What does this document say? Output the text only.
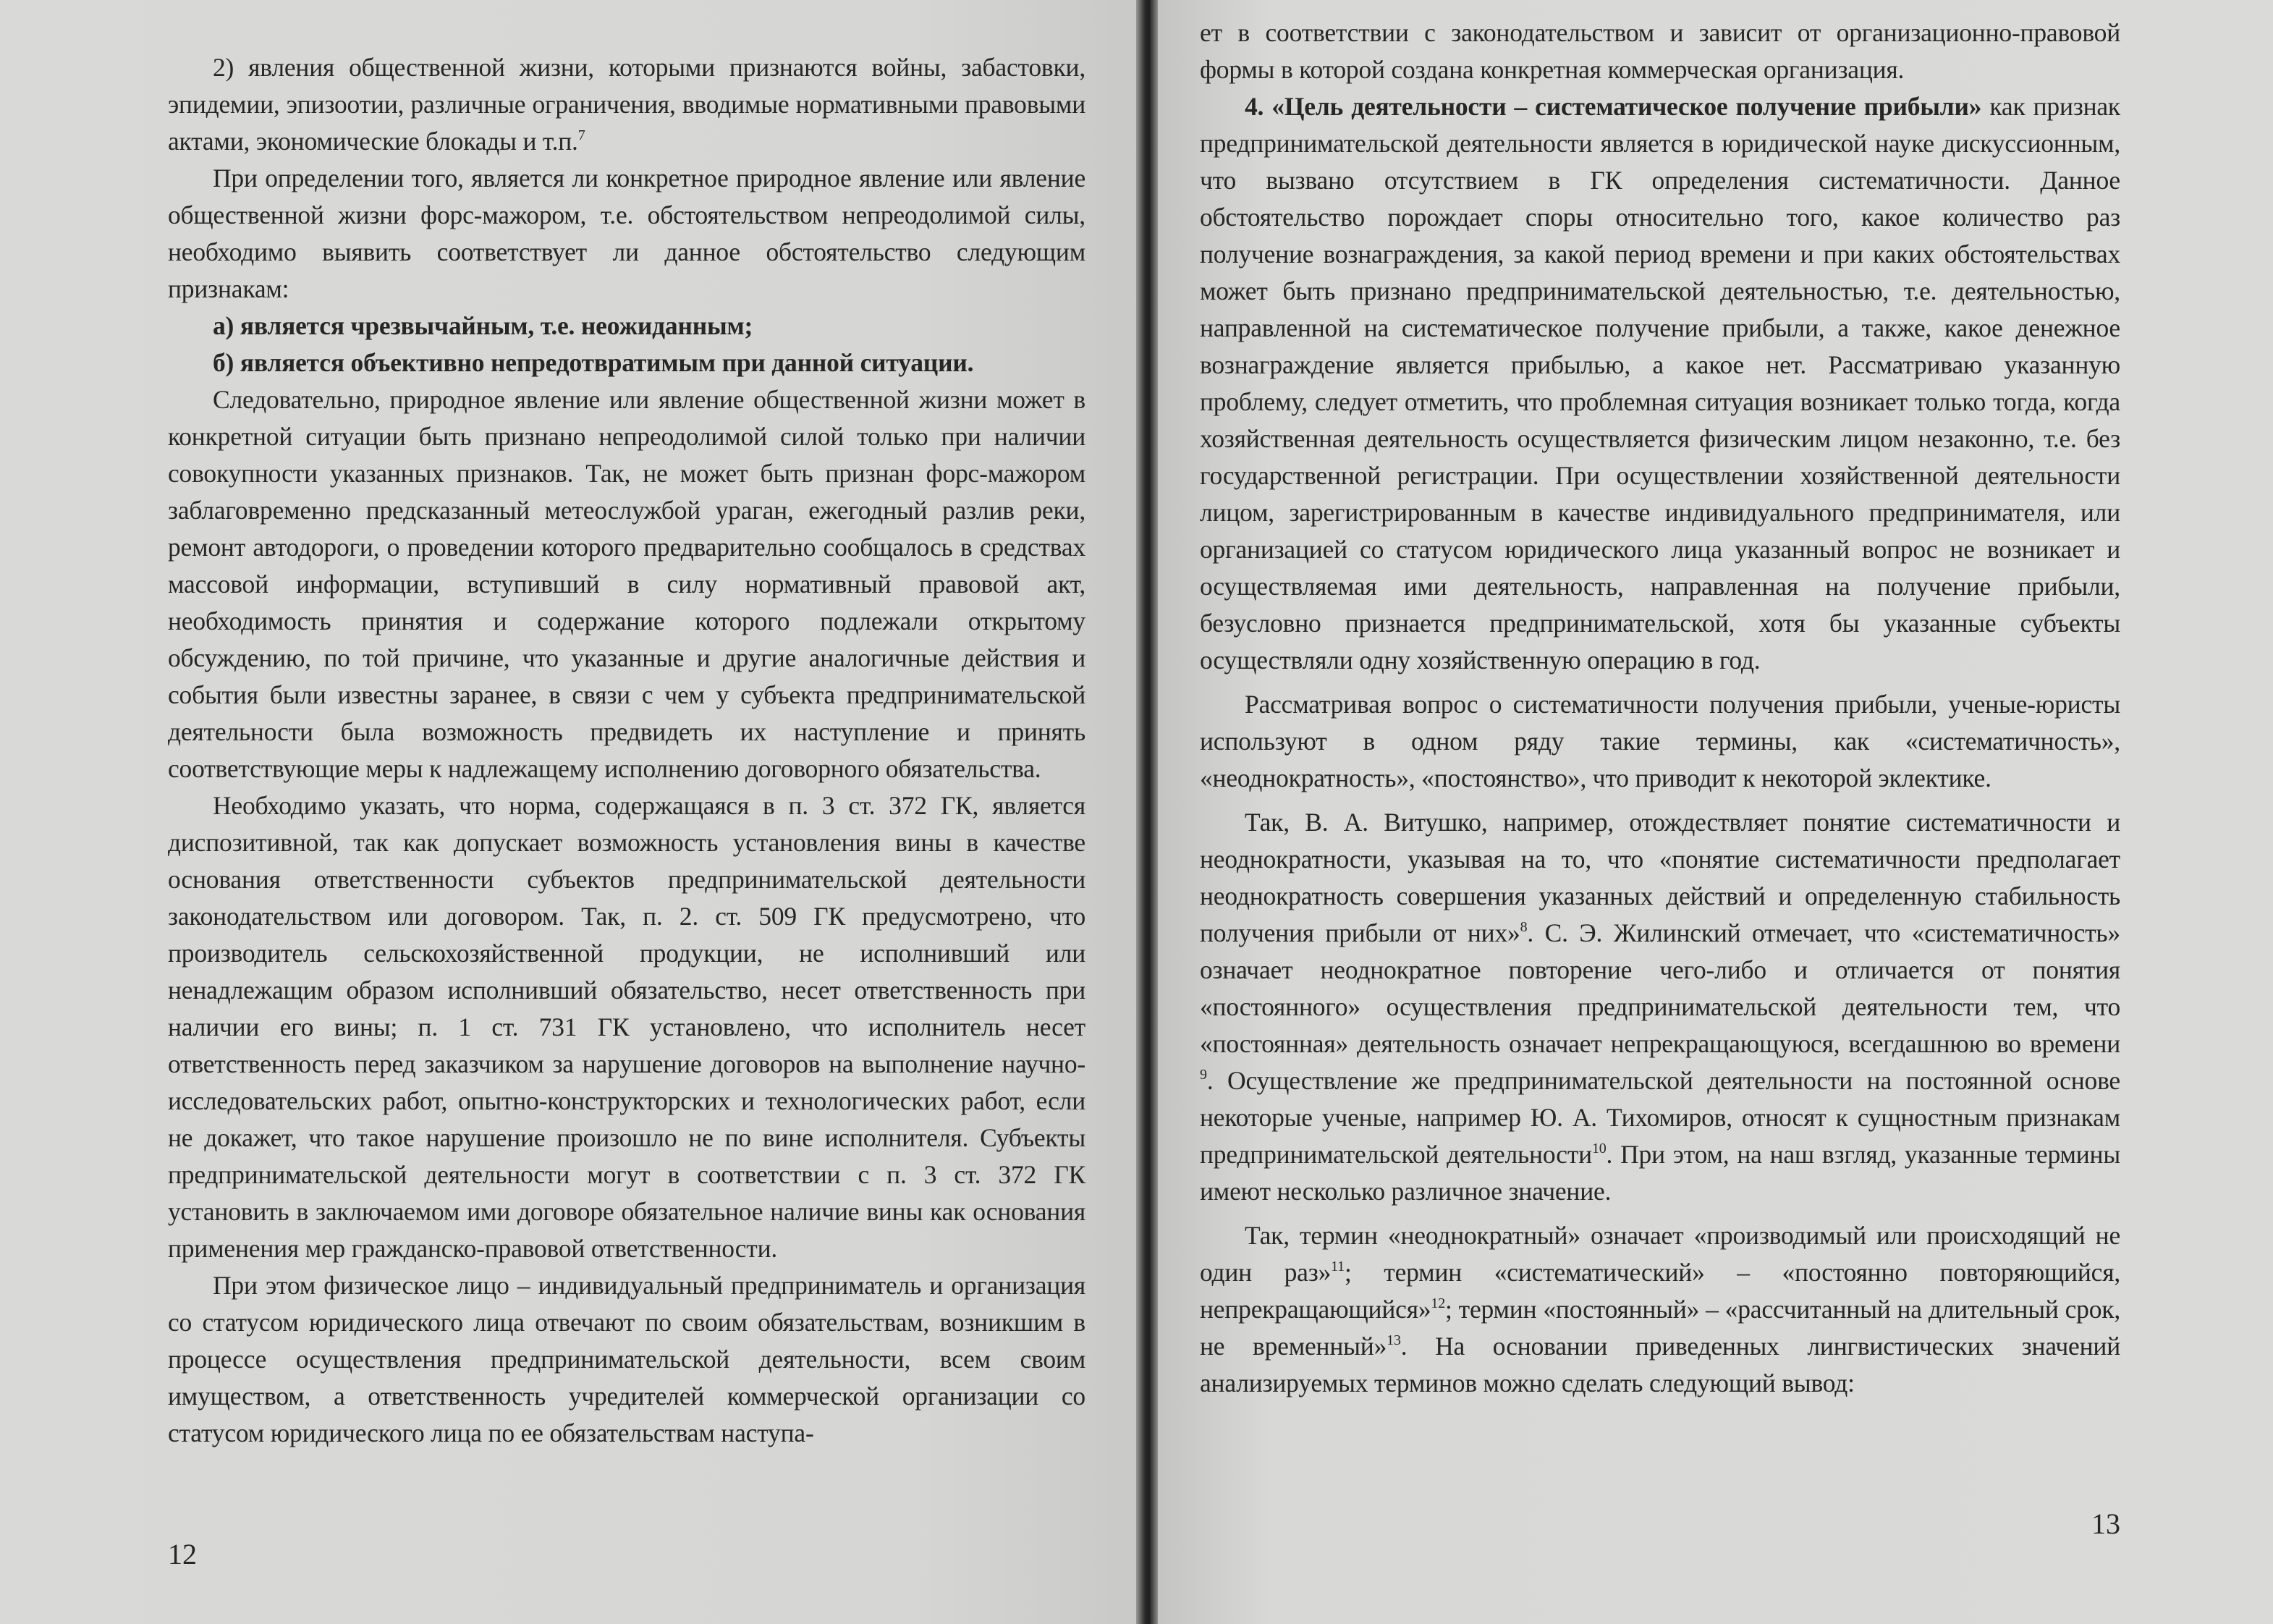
2) явления общественной жизни, которыми признаются войны, забастовки, эпидемии, эпизоотии, различные ограничения, вводимые нормативными правовыми актами, экономические блокады и т.п.$^7$

При определении того, является ли конкретное природное явление или явление общественной жизни форс-мажором, т.е. обстоятельством непреодолимой силы, необходимо выявить соответствует ли данное обстоятельство следующим признакам:

а) является чрезвычайным, т.е. неожиданным;

б) является объективно непредотвратимым при данной ситуации.

Следовательно, природное явление или явление общественной жизни может в конкретной ситуации быть признано непреодолимой силой только при наличии совокупности указанных признаков. Так, не может быть признан форс-мажором заблаговременно предсказанный метеослужбой ураган, ежегодный разлив реки, ремонт автодороги, о проведении которого предварительно сообщалось в средствах массовой информации, вступивший в силу нормативный правовой акт, необходимость принятия и содержание которого подлежали открытому обсуждению, по той причине, что указанные и другие аналогичные действия и события были известны заранее, в связи с чем у субъекта предпринимательской деятельности была возможность предвидеть их наступление и принять соответствующие меры к надлежащему исполнению договорного обязательства.

Необходимо указать, что норма, содержащаяся в п. 3 ст. 372 ГК, является диспозитивной, так как допускает возможность установления вины в качестве основания ответственности субъектов предпринимательской деятельности законодательством или договором. Так, п. 2. ст. 509 ГК предусмотрено, что производитель сельскохозяйственной продукции, не исполнивший или ненадлежащим образом исполнивший обязательство, несет ответственность при наличии его вины; п. 1 ст. 731 ГК установлено, что исполнитель несет ответственность перед заказчиком за нарушение договоров на выполнение научно-исследовательских работ, опытно-конструкторских и технологических работ, если не докажет, что такое нарушение произошло не по вине исполнителя. Субъекты предпринимательской деятельности могут в соответствии с п. 3 ст. 372 ГК установить в заключаемом ими договоре обязательное наличие вины как основания применения мер гражданско-правовой ответственности.

При этом физическое лицо – индивидуальный предприниматель и организация со статусом юридического лица отвечают по своим обязательствам, возникшим в процессе осуществления предпринимательской деятельности, всем своим имуществом, а ответственность учредителей коммерческой организации со статусом юридического лица по ее обязательствам наступа-

12

ет в соответствии с законодательством и зависит от организационно-правовой формы в которой создана конкретная коммерческая организация.

4. «Цель деятельности – систематическое получение прибыли» как признак предпринимательской деятельности является в юридической науке дискуссионным, что вызвано отсутствием в ГК определения систематичности. Данное обстоятельство порождает споры относительно того, какое количество раз получение вознаграждения, за какой период времени и при каких обстоятельствах может быть признано предпринимательской деятельностью, т.е. деятельностью, направленной на систематическое получение прибыли, а также, какое денежное вознаграждение является прибылью, а какое нет. Рассматриваю указанную проблему, следует отметить, что проблемная ситуация возникает только тогда, когда хозяйственная деятельность осуществляется физическим лицом незаконно, т.е. без государственной регистрации. При осуществлении хозяйственной деятельности лицом, зарегистрированным в качестве индивидуального предпринимателя, или организацией со статусом юридического лица указанный вопрос не возникает и осуществляемая ими деятельность, направленная на получение прибыли, безусловно признается предпринимательской, хотя бы указанные субъекты осуществляли одну хозяйственную операцию в год.

Рассматривая вопрос о систематичности получения прибыли, ученые-юристы используют в одном ряду такие термины, как «систематичность», «неоднократность», «постоянство», что приводит к некоторой эклектике.

Так, В. А. Витушко, например, отождествляет понятие систематичности и неоднократности, указывая на то, что «понятие систематичности предполагает неоднократность совершения указанных действий и определенную стабильность получения прибыли от них»$^8$. С. Э. Жилинский отмечает, что «систематичность» означает неоднократное повторение чего-либо и отличается от понятия «постоянного» осуществления предпринимательской деятельности тем, что «постоянная» деятельность означает непрекращающуюся, всегдашнюю во времени $^9$. Осуществление же предпринимательской деятельности на постоянной основе некоторые ученые, например Ю. А. Тихомиров, относят к сущностным признакам предпринимательской деятельности$^{10}$. При этом, на наш взгляд, указанные термины имеют несколько различное значение.

Так, термин «неоднократный» означает «производимый или происходящий не один раз»$^{11}$; термин «систематический» – «постоянно повторяющийся, непрекращающийся»$^{12}$; термин «постоянный» – «рассчитанный на длительный срок, не временный»$^{13}$. На основании приведенных лингвистических значений анализируемых терминов можно сделать следующий вывод:

13
